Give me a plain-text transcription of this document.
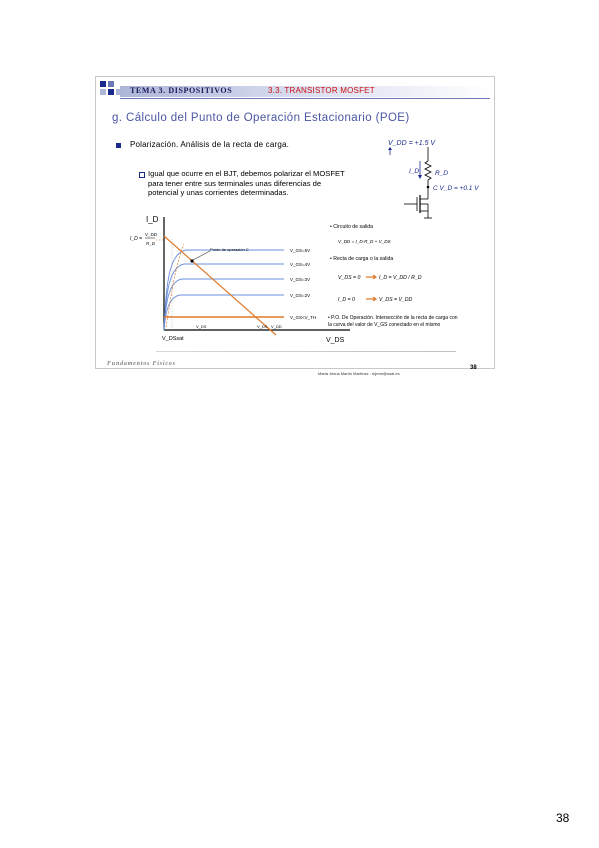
TEMA 3. DISPOSITIVOS	3.3. TRANSISTOR MOSFET
g. Cálculo del Punto de Operación Estacionario (POE)
Polarización. Análisis de la recta de carga.
Igual que ocurre en el BJT, debemos polarizar el MOSFET para tener entre sus terminales unas diferencias de potencial y unas corrientes determinadas.
V_DD = +1.5 V
R_D
I_D
C V_D = +0.1 V
I_D
V_DS
I_D =
V_DD
R_D
Punto de operación C	V_GS=5V
V_GS=4V
V_GS=3V
V_GS=2V
V_GS<V_TH
V_DSsat
V_DS	V_DS V_DD
• Circuito de salida
V_DD = I_D·R_D + V_DS
• Recta de carga o la salida
V_DS = 0	I_D = V_DD / R_D
I_D = 0	V_DS = V_DD
• P.O. De Operación. Intersección de la recta de carga con la curva del valor de V_GS conectado en el mismo
Fundamentos Físicos
Maria Jesús Martín Martínez : mjmm@usal.es
38
38
